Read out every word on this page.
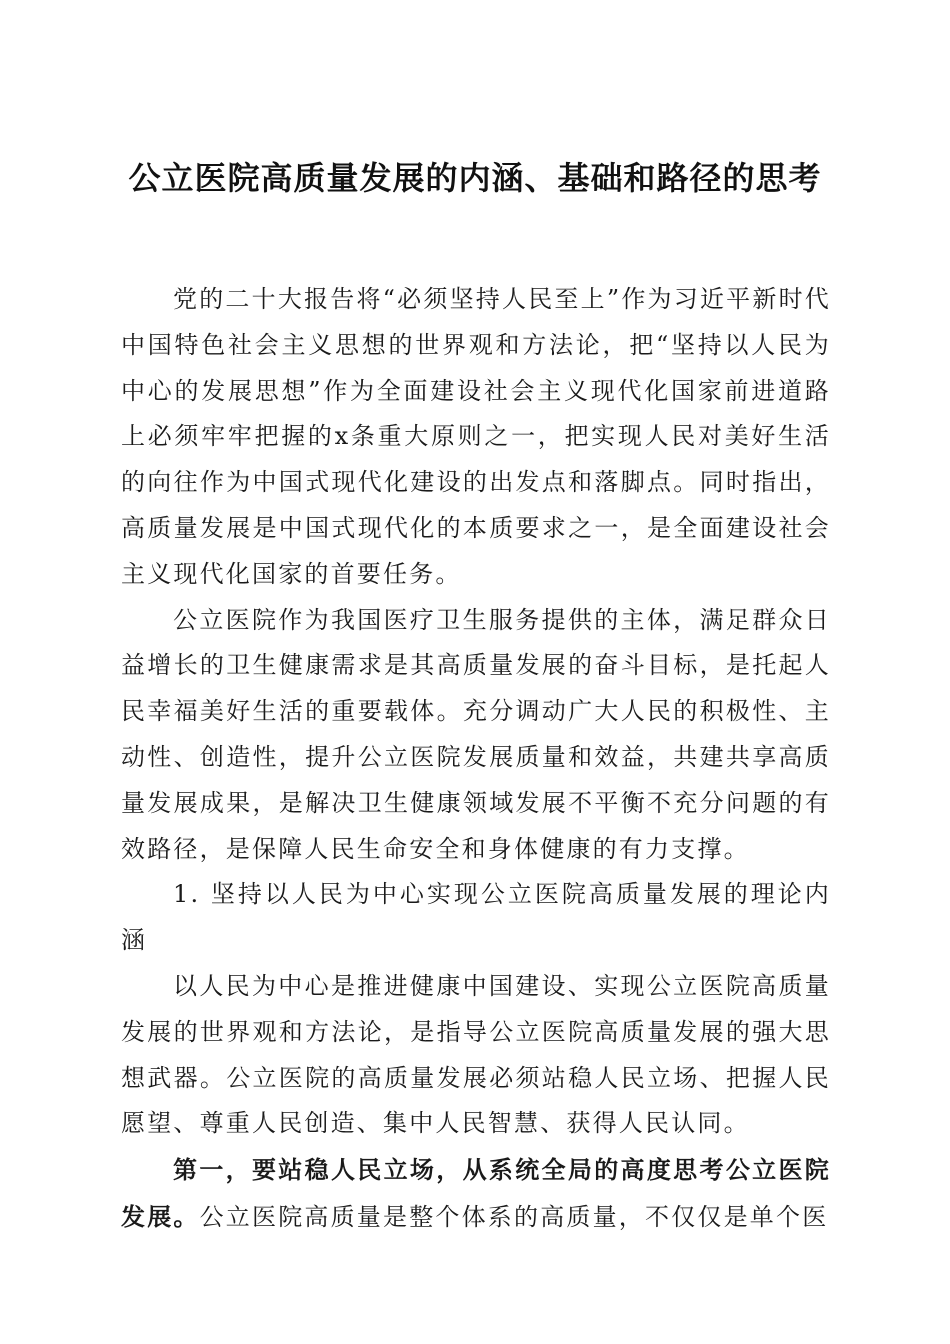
公立医院高质量发展的内涵、基础和路径的思考

党的二十大报告将“必须坚持人民至上”作为习近平新时代中国特色社会主义思想的世界观和方法论，把“坚持以人民为中心的发展思想”作为全面建设社会主义现代化国家前进道路上必须牢牢把握的x条重大原则之一，把实现人民对美好生活的向往作为中国式现代化建设的出发点和落脚点。同时指出，高质量发展是中国式现代化的本质要求之一，是全面建设社会主义现代化国家的首要任务。

公立医院作为我国医疗卫生服务提供的主体，满足群众日益增长的卫生健康需求是其高质量发展的奋斗目标，是托起人民幸福美好生活的重要载体。充分调动广大人民的积极性、主动性、创造性，提升公立医院发展质量和效益，共建共享高质量发展成果，是解决卫生健康领域发展不平衡不充分问题的有效路径，是保障人民生命安全和身体健康的有力支撑。

1. 坚持以人民为中心实现公立医院高质量发展的理论内涵

以人民为中心是推进健康中国建设、实现公立医院高质量发展的世界观和方法论，是指导公立医院高质量发展的强大思想武器。公立医院的高质量发展必须站稳人民立场、把握人民愿望、尊重人民创造、集中人民智慧、获得人民认同。

第一，要站稳人民立场，从系统全局的高度思考公立医院发展。公立医院高质量是整个体系的高质量，不仅仅是单个医
